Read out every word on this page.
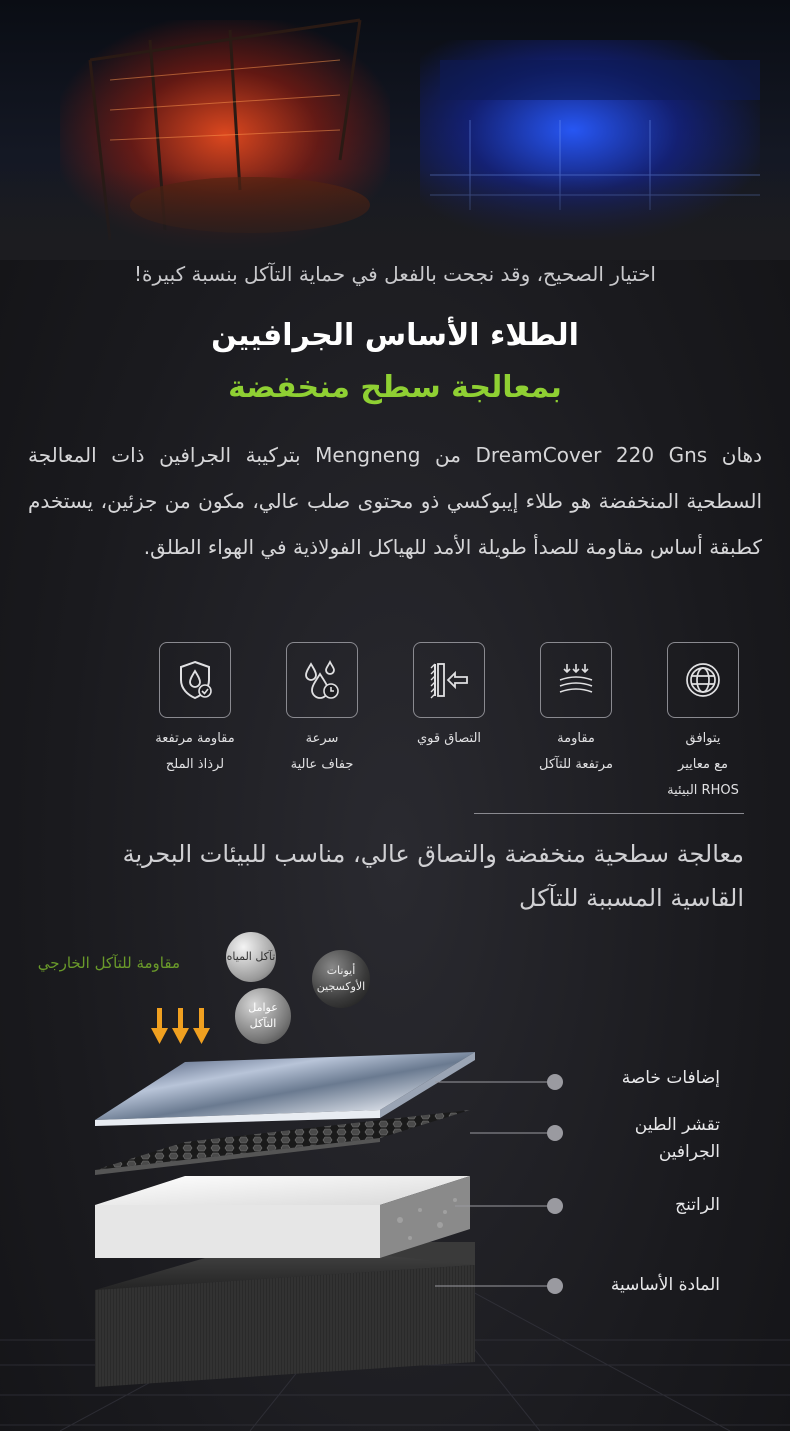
اختيار الصحيح، وقد نجحت بالفعل في حماية التآكل بنسبة كبيرة!
الطلاء الأساس الجرافيين
بمعالجة سطح منخفضة
دهان DreamCover 220 Gns من Mengneng بتركيبة الجرافين ذات المعالجة السطحية المنخفضة هو طلاء إيبوكسي ذو محتوى صلب عالي، مكون من جزئين، يستخدم كطبقة أساس مقاومة للصدأ طويلة الأمد للهياكل الفولاذية في الهواء الطلق.
مقاومة مرتفعة
لرذاذ الملح
سرعة
جفاف عالية
التصاق قوي	مقاومة
مرتفعة للتآكل
يتوافق
مع معايير
RHOS البيئية
معالجة سطحية منخفضة والتصاق عالي، مناسب للبيئات البحرية القاسية المسببة للتآكل
مقاومة للتآكل الخارجي	تآكل المياه
عوامل التآكل
أيونات الأوكسجين
إضافات خاصة
تقشر الطين الجرافين
الراتنج
المادة الأساسية
